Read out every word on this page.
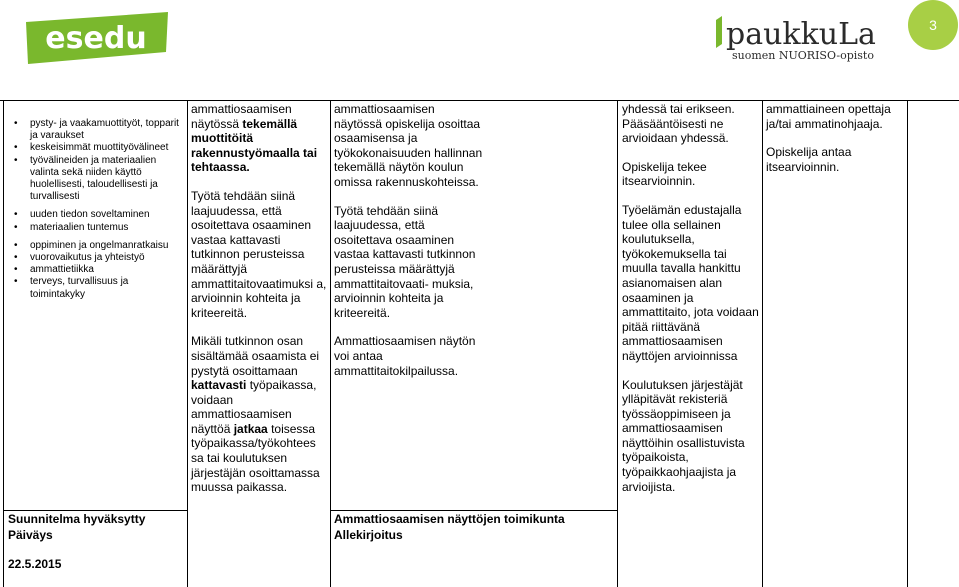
esedu	paukkuLa
suomen NUORISO-opisto
3
• pysty- ja vaakamuottityöt, topparit ja varaukset
• keskeisimmät muottityövälineet
• työvälineiden ja materiaalien valinta sekä niiden käyttö huolellisesti, taloudellisesti ja turvallisesti
• uuden tiedon soveltaminen
• materiaalien tuntemus
• oppiminen ja ongelmanratkaisu
• vuorovaikutus ja yhteistyö
• ammattietiikka
• terveys, turvallisuus ja toimintakyky
Suunnitelma hyväksytty
Päiväys
22.5.2015

ammattiosaamisen näytössä tekemällä muottitöitä rakennustyömaalla tai tehtaassa.

Työtä tehdään siinä laajuudessa, että osoitettava osaaminen vastaa kattavasti tutkinnon perusteissa määrättyjä ammattitaitovaatimuksi a, arvioinnin kohteita ja kriteereitä.

Mikäli tutkinnon osan sisältämää osaamista ei pystytä osoittamaan kattavasti työpaikassa, voidaan ammattiosaamisen näyttöä jatkaa toisessa työpaikassa/työkohtees sa tai koulutuksen järjestäjän osoittamassa muussa paikassa.

ammattiosaamisen näytössä opiskelija osoittaa osaamisensa ja työkokonaisuuden hallinnan tekemällä näytön koulun omissa rakennuskohteissa.

Työtä tehdään siinä laajuudessa, että osoitettava osaaminen vastaa kattavasti tutkinnon perusteissa määrättyjä ammattitaitovaati- muksia, arvioinnin kohteita ja kriteereitä.

Ammattiosaamisen näytön voi antaa ammattitaitokilpailussa.

Ammattiosaamisen näyttöjen toimikunta
Allekirjoitus

yhdessä tai erikseen. Pääsääntöisesti ne arvioidaan yhdessä.

Opiskelija tekee itsearvioinnin.

Työelämän edustajalla tulee olla sellainen koulutuksella, työkokemuksella tai muulla tavalla hankittu asianomaisen alan osaaminen ja ammattitaito, jota voidaan pitää riittävänä ammattiosaamisen näyttöjen arvioinnissa

Koulutuksen järjestäjät ylläpitävät rekisteriä työssäoppimiseen ja ammattiosaamisen näyttöihin osallistuvista työpaikoista, työpaikkaohjaajista ja arvioijista.

ammattiaineen opettaja ja/tai ammatinohjaaja.

Opiskelija antaa itsearvioinnin.
